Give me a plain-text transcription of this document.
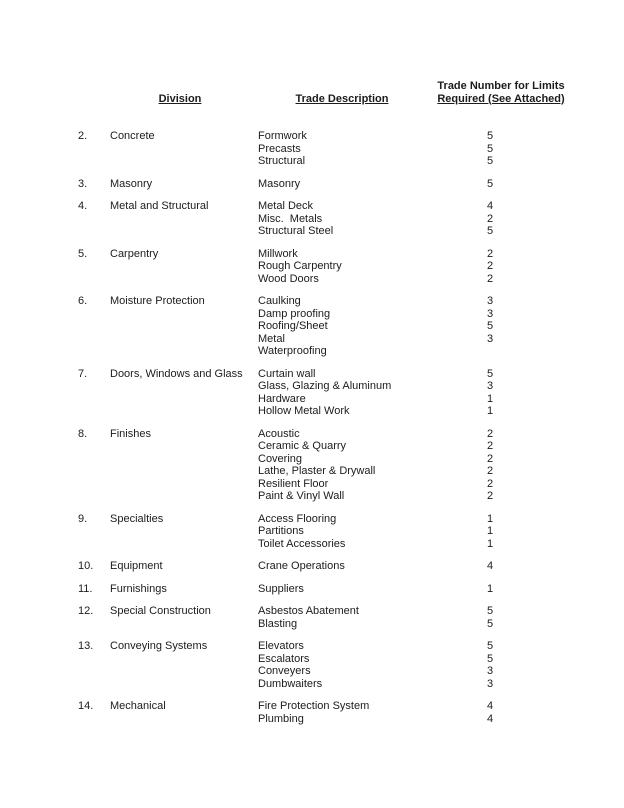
Division	Trade Description
Trade Number for Limits
Required (See Attached)
2.	Concrete	Formwork	5
Precasts	5
Structural	5
3.	Masonry	Masonry	5
4.	Metal and Structural	Metal Deck	4
Misc.  Metals	2
Structural Steel	5
5.	Carpentry	Millwork	2
Rough Carpentry	2
Wood Doors	2
6.	Moisture Protection	Caulking	3
Damp proofing	3
Roofing/Sheet	5
Metal	3
Waterproofing
7.	Doors, Windows and Glass	Curtain wall	5
Glass, Glazing & Aluminum	3
Hardware	1
Hollow Metal Work	1
8.	Finishes	Acoustic	2
Ceramic & Quarry	2
Covering	2
Lathe, Plaster & Drywall	2
Resilient Floor	2
Paint & Vinyl Wall	2
9.	Specialties	Access Flooring	1
Partitions	1
Toilet Accessories	1
10.	Equipment	Crane Operations	4
11.	Furnishings	Suppliers	1
12.	Special Construction	Asbestos Abatement	5
Blasting	5
13.	Conveying Systems	Elevators	5
Escalators	5
Conveyers	3
Dumbwaiters	3
14.	Mechanical	Fire Protection System	4
Plumbing	4
